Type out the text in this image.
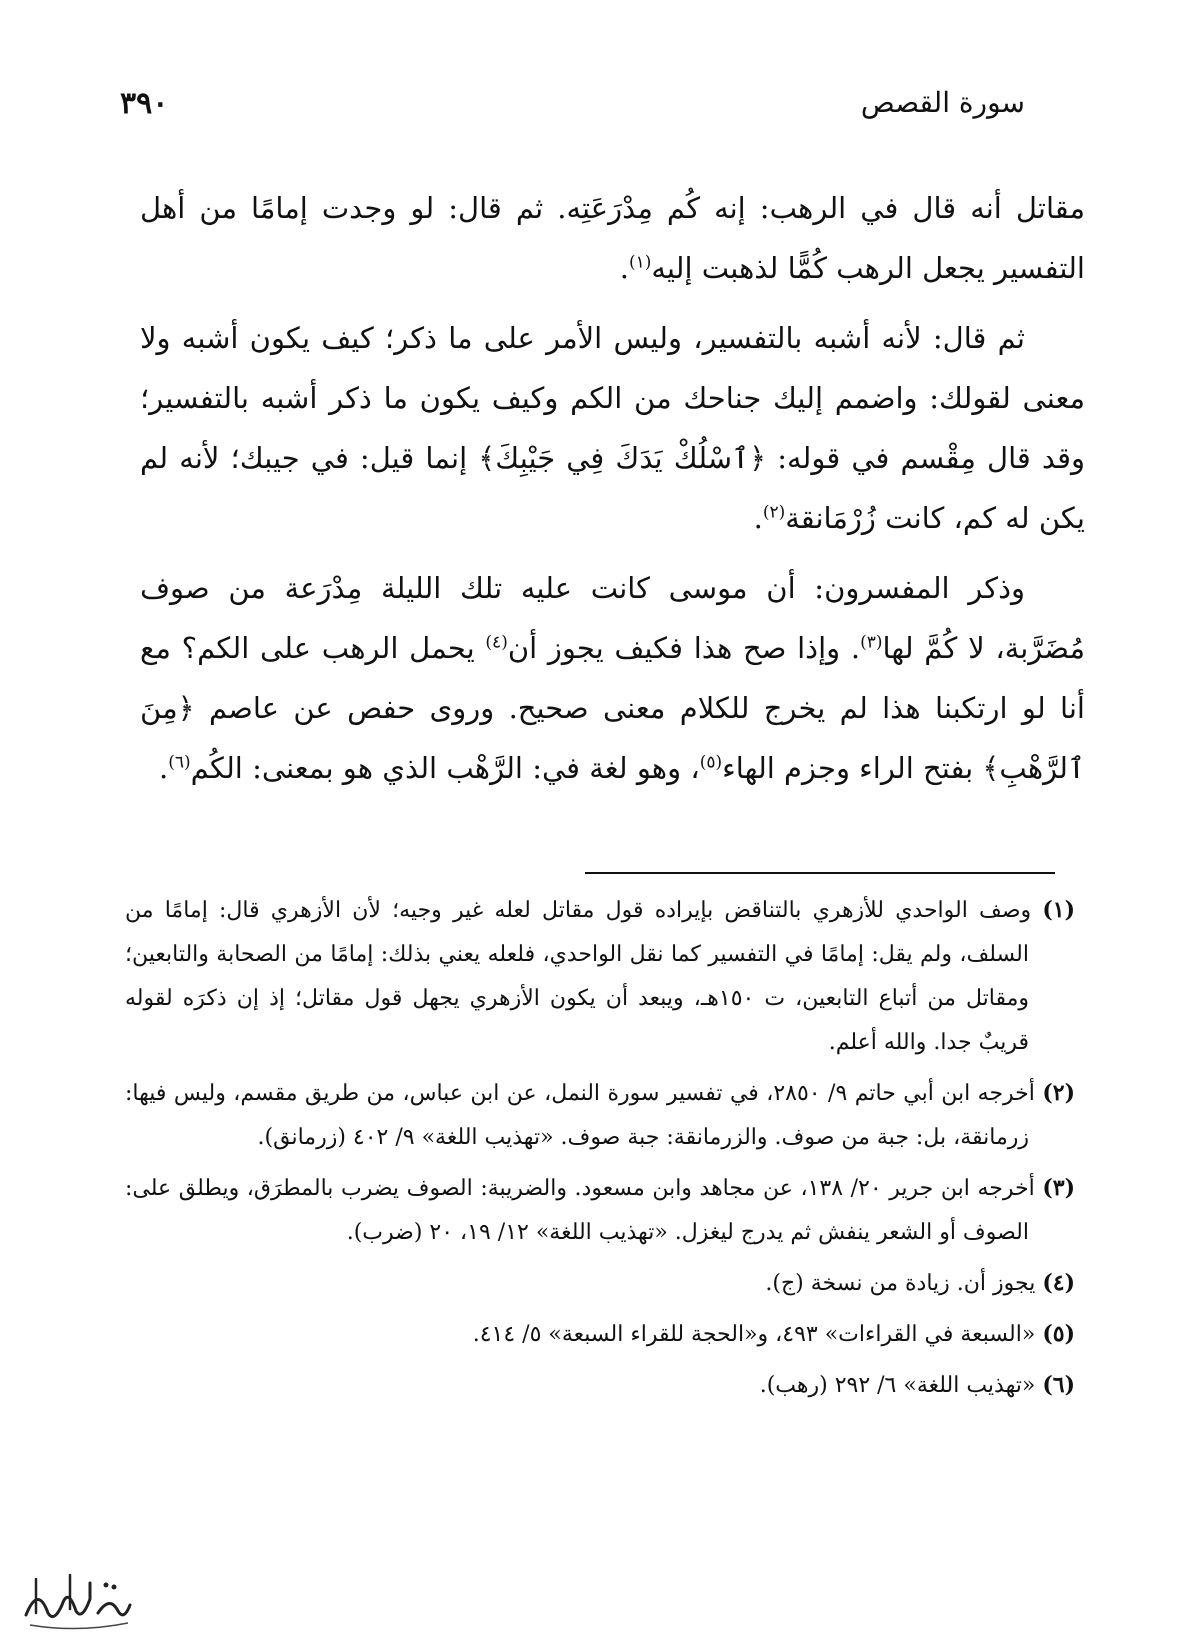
٣٩٠	سورة القصص

مقاتل أنه قال في الرهب: إنه كُم مِدْرَعَتِه. ثم قال: لو وجدت إمامًا من أهل التفسير يجعل الرهب كُمًّا لذهبت إليه$^{(١)}$.

ثم قال: لأنه أشبه بالتفسير، وليس الأمر على ما ذكر؛ كيف يكون أشبه ولا معنى لقولك: واضمم إليك جناحك من الكم وكيف يكون ما ذكر أشبه بالتفسير؛ وقد قال مِقْسم في قوله: ﴿ٱسْلُكْ يَدَكَ فِي جَيْبِكَ﴾ إنما قيل: في جيبك؛ لأنه لم يكن له كم، كانت زُرْمَانقة$^{(٢)}$.

وذكر المفسرون: أن موسى كانت عليه تلك الليلة مِدْرَعة من صوف مُضَرَّبة، لا كُمَّ لها$^{(٣)}$. وإذا صح هذا فكيف يجوز أن$^{(٤)}$ يحمل الرهب على الكم؟ مع أنا لو ارتكبنا هذا لم يخرج للكلام معنى صحيح. وروى حفص عن عاصم ﴿مِنَ ٱلرَّهْبِ﴾ بفتح الراء وجزم الهاء$^{(٥)}$، وهو لغة في: الرَّهْب الذي هو بمعنى: الكُم$^{(٦)}$.

(١) وصف الواحدي للأزهري بالتناقض بإيراده قول مقاتل لعله غير وجيه؛ لأن الأزهري قال: إمامًا من السلف، ولم يقل: إمامًا في التفسير كما نقل الواحدي، فلعله يعني بذلك: إمامًا من الصحابة والتابعين؛ ومقاتل من أتباع التابعين، ت ١٥٠هـ، ويبعد أن يكون الأزهري يجهل قول مقاتل؛ إذ إن ذكرَه لقوله قريبٌ جدا. والله أعلم.
(٢) أخرجه ابن أبي حاتم ٩/ ٢٨٥٠، في تفسير سورة النمل، عن ابن عباس، من طريق مقسم، وليس فيها: زرمانقة، بل: جبة من صوف. والزرمانقة: جبة صوف. «تهذيب اللغة» ٩/ ٤٠٢ (زرمانق).
(٣) أخرجه ابن جرير ٢٠/ ١٣٨، عن مجاهد وابن مسعود. والضريبة: الصوف يضرب بالمطرَق، ويطلق على: الصوف أو الشعر ينفش ثم يدرج ليغزل. «تهذيب اللغة» ١٢/ ١٩، ٢٠ (ضرب).
(٤) يجوز أن. زيادة من نسخة (ج).
(٥) «السبعة في القراءات» ٤٩٣، و«الحجة للقراء السبعة» ٥/ ٤١٤.
(٦) «تهذيب اللغة» ٦/ ٢٩٢ (رهب).
